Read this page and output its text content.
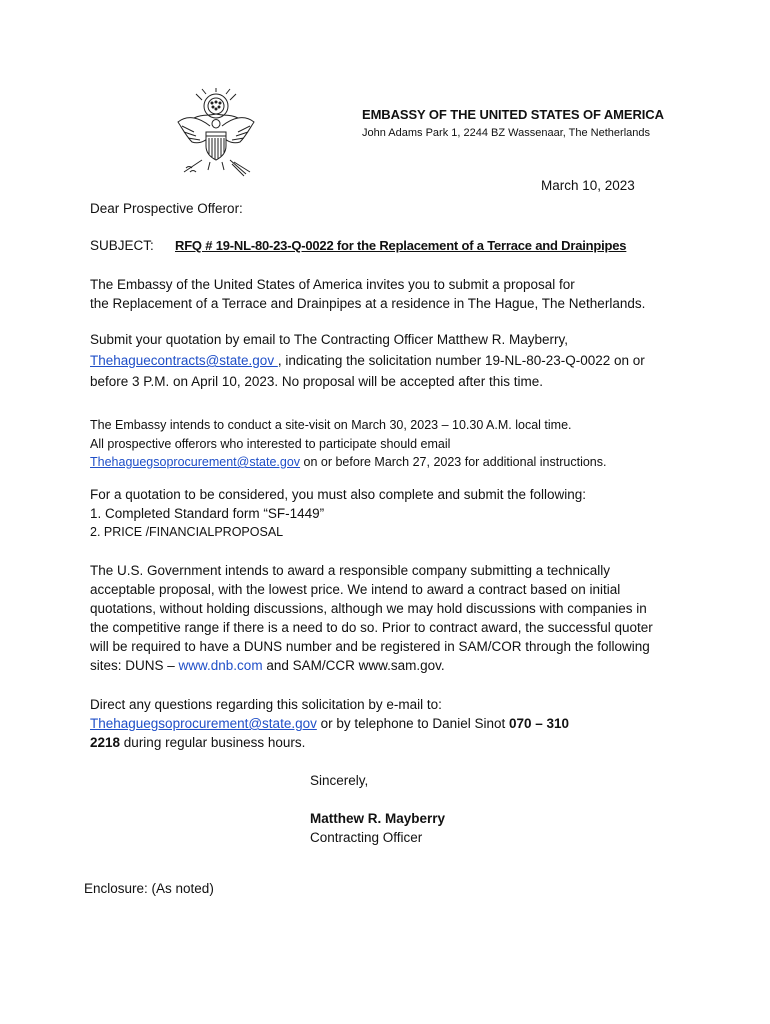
EMBASSY OF THE UNITED STATES OF AMERICA
John Adams Park 1, 2244 BZ Wassenaar, The Netherlands
March 10, 2023
Dear Prospective Offeror:
SUBJECT: RFQ # 19-NL-80-23-Q-0022 for the Replacement of a Terrace and Drainpipes
The Embassy of the United States of America invites you to submit a proposal for
the Replacement of a Terrace and Drainpipes at a residence in The Hague, The Netherlands.
Submit your quotation by email to The Contracting Officer Matthew R. Mayberry,
Thehaguecontracts@state.gov , indicating the solicitation number 19-NL-80-23-Q-0022 on or
before 3 P.M. on April 10, 2023. No proposal will be accepted after this time.
The Embassy intends to conduct a site-visit on March 30, 2023 – 10.30 A.M. local time.
All prospective offerors who interested to participate should email
Thehaguegsoprocurement@state.gov on or before March 27, 2023 for additional instructions.
For a quotation to be considered, you must also complete and submit the following:
1. Completed Standard form “SF-1449”
2. PRICE /FINANCIALPROPOSAL
The U.S. Government intends to award a responsible company submitting a technically
acceptable proposal, with the lowest price. We intend to award a contract based on initial
quotations, without holding discussions, although we may hold discussions with companies in
the competitive range if there is a need to do so. Prior to contract award, the successful quoter
will be required to have a DUNS number and be registered in SAM/COR through the following
sites: DUNS – www.dnb.com and SAM/CCR www.sam.gov.
Direct any questions regarding this solicitation by e-mail to:
Thehaguegsoprocurement@state.gov or by telephone to Daniel Sinot 070 – 310
2218 during regular business hours.
Sincerely,
Matthew R. Mayberry
Contracting Officer
Enclosure: (As noted)
